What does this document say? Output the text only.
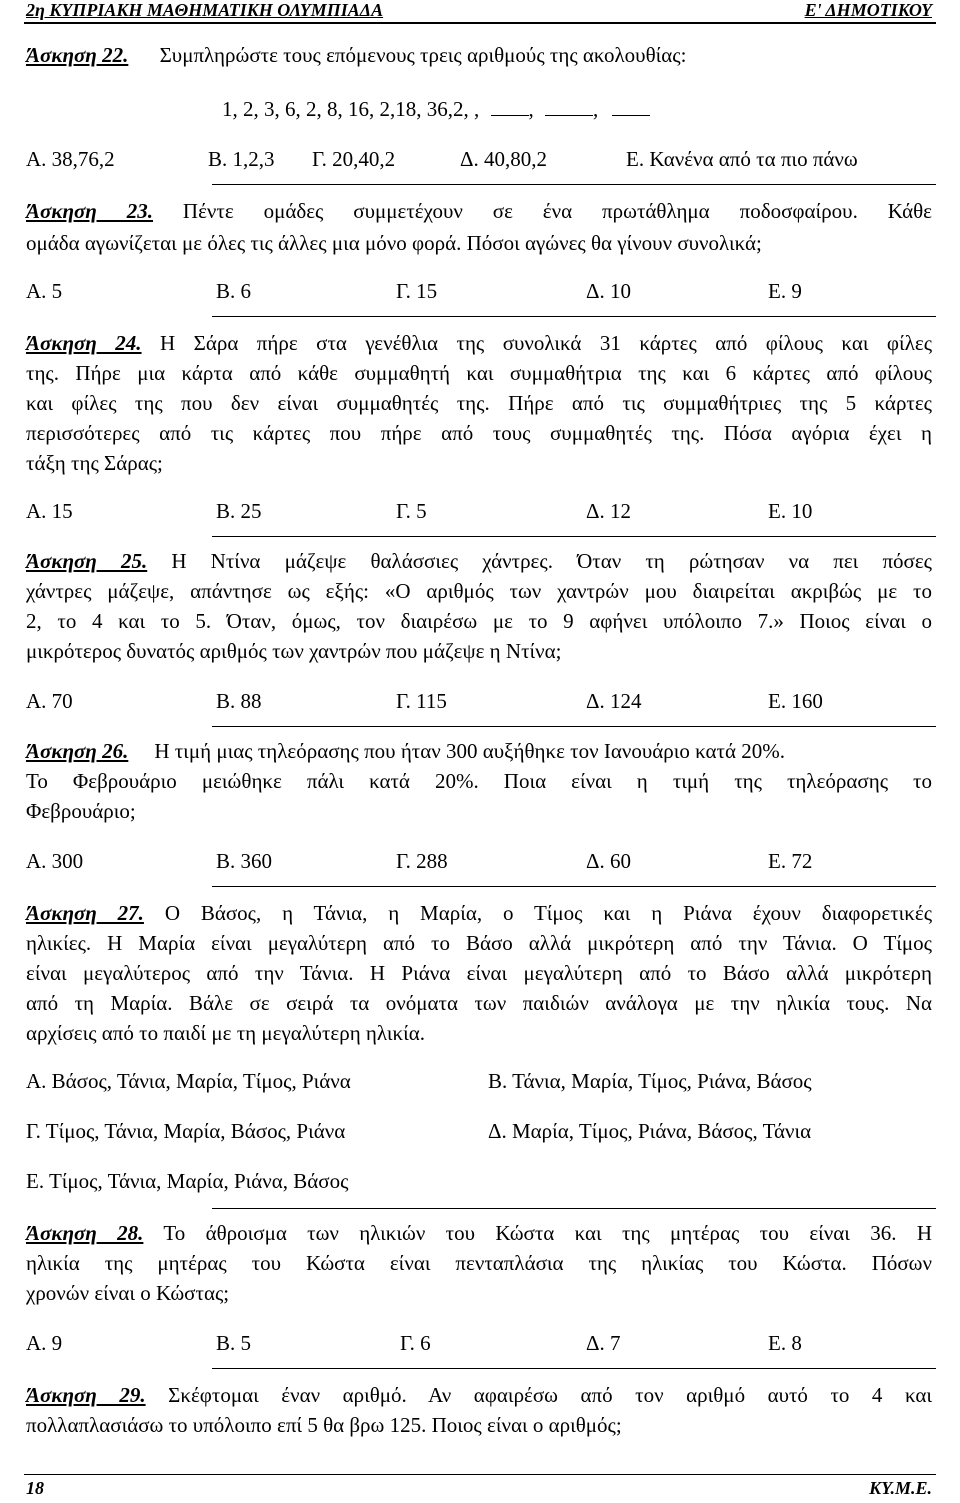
2η ΚΥΠΡΙΑΚΗ ΜΑΘΗΜΑΤΙΚΗ ΟΛΥΜΠΙΑΔΑ	Ε' ΔΗΜΟΤΙΚΟΥ
Άσκηση 22. Συμπληρώστε τους επόμενους τρεις αριθμούς της ακολουθίας:
1, 2, 3, 6, 2, 8, 16, 2,18, 36,2, , ,	,
Α. 38,76,2	Β. 1,2,3 Γ. 20,40,2	Δ. 40,80,2	Ε. Κανένα από τα πιο πάνω
Άσκηση 23. Πέντε ομάδες συμμετέχουν σε ένα πρωτάθλημα ποδοσφαίρου. Κάθε
ομάδα αγωνίζεται με όλες τις άλλες μια μόνο φορά. Πόσοι αγώνες θα γίνουν συνολικά;
Α. 5	Β. 6	Γ. 15	Δ. 10	Ε. 9
Άσκηση 24. Η Σάρα πήρε στα γενέθλια της συνολικά 31 κάρτες από φίλους και φίλες
της. Πήρε μια κάρτα από κάθε συμμαθητή και συμμαθήτρια της και 6 κάρτες από φίλους
και φίλες της που δεν είναι συμμαθητές της. Πήρε από τις συμμαθήτριες της 5 κάρτες
περισσότερες από τις κάρτες που πήρε από τους συμμαθητές της. Πόσα αγόρια έχει η
τάξη της Σάρας;
Α. 15	Β. 25	Γ. 5	Δ. 12	Ε. 10
Άσκηση 25. Η Ντίνα μάζεψε θαλάσσιες χάντρες. Όταν τη ρώτησαν να πει πόσες
χάντρες μάζεψε, απάντησε ως εξής: «Ο αριθμός των χαντρών μου διαιρείται ακριβώς με το
2, το 4 και το 5. Όταν, όμως, τον διαιρέσω με το 9 αφήνει υπόλοιπο 7.» Ποιος είναι ο
μικρότερος δυνατός αριθμός των χαντρών που μάζεψε η Ντίνα;
Α. 70	Β. 88	Γ. 115	Δ. 124	Ε. 160
Άσκηση 26. Η τιμή μιας τηλεόρασης που ήταν 300 αυξήθηκε τον Ιανουάριο κατά 20%.
Το Φεβρουάριο μειώθηκε πάλι κατά 20%. Ποια είναι η τιμή της τηλεόρασης το
Φεβρουάριο;
Α. 300	Β. 360	Γ. 288	Δ. 60	Ε. 72
Άσκηση 27. Ο Βάσος, η Τάνια, η Μαρία, ο Τίμος και η Ριάνα έχουν διαφορετικές
ηλικίες. Η Μαρία είναι μεγαλύτερη από το Βάσο αλλά μικρότερη από την Τάνια. Ο Τίμος
είναι μεγαλύτερος από την Τάνια. Η Ριάνα είναι μεγαλύτερη από το Βάσο αλλά μικρότερη
από τη Μαρία. Βάλε σε σειρά τα ονόματα των παιδιών ανάλογα με την ηλικία τους. Να
αρχίσεις από το παιδί με τη μεγαλύτερη ηλικία.
Α. Βάσος, Τάνια, Μαρία, Τίμος, Ριάνα	Β. Τάνια, Μαρία, Τίμος, Ριάνα, Βάσος
Γ. Τίμος, Τάνια, Μαρία, Βάσος, Ριάνα	Δ. Μαρία, Τίμος, Ριάνα, Βάσος, Τάνια
Ε. Τίμος, Τάνια, Μαρία, Ριάνα, Βάσος
Άσκηση 28. Το άθροισμα των ηλικιών του Κώστα και της μητέρας του είναι 36. Η
ηλικία της μητέρας του Κώστα είναι πενταπλάσια της ηλικίας του Κώστα. Πόσων
χρονών είναι ο Κώστας;
Α. 9	Β. 5	Γ. 6	Δ. 7	Ε. 8
Άσκηση 29. Σκέφτομαι έναν αριθμό. Αν αφαιρέσω από τον αριθμό αυτό το 4 και
πολλαπλασιάσω το υπόλοιπο επί 5 θα βρω 125. Ποιος είναι ο αριθμός;
18	ΚΥ.Μ.Ε.
